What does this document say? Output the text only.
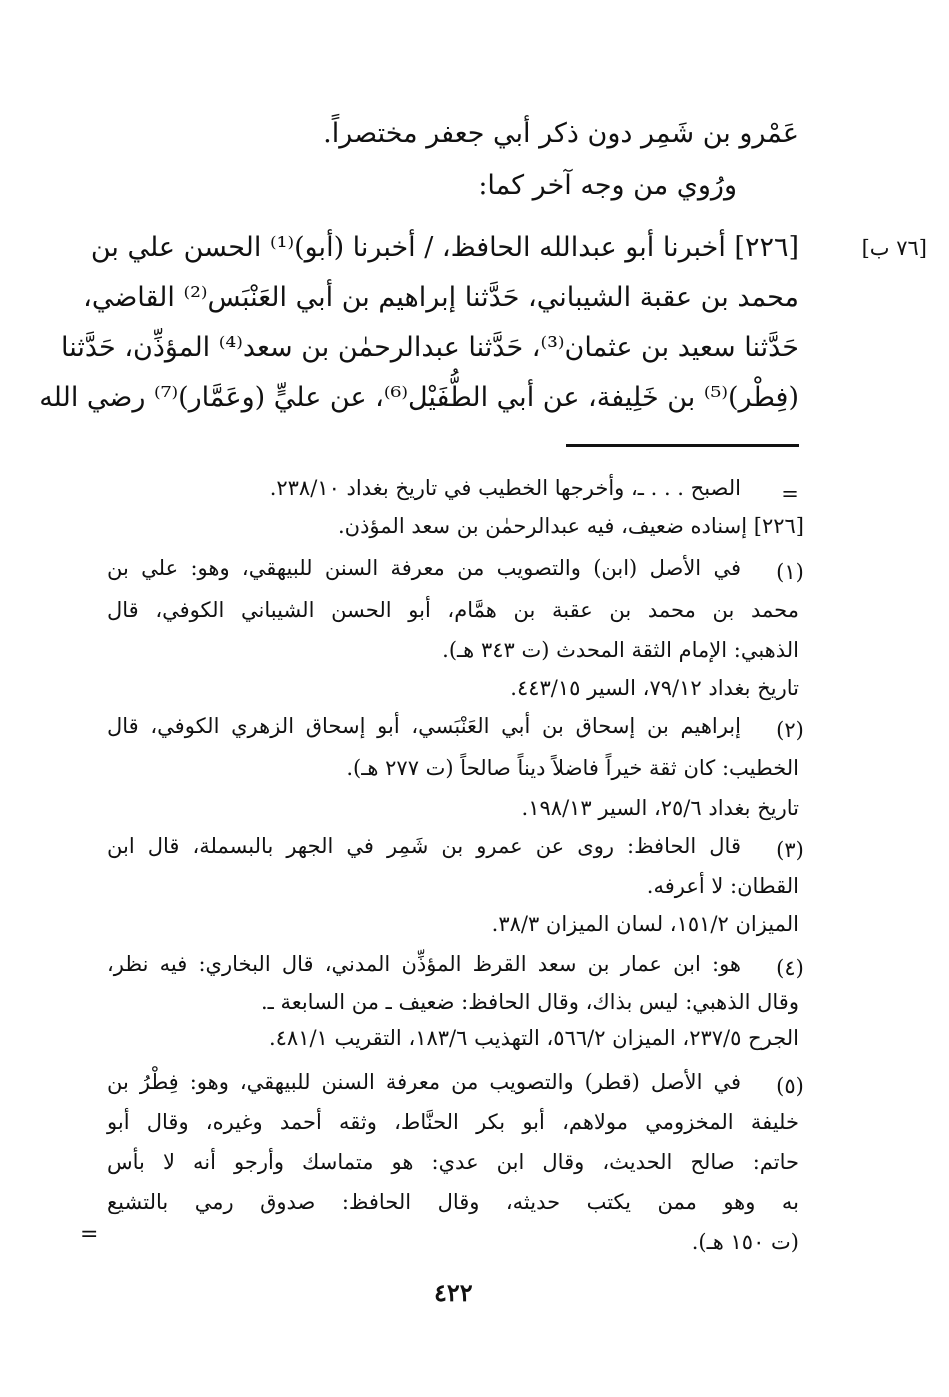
عَمْرو بن شَمِر دون ذكر أبي جعفر مختصراً.
ورُوي من وجه آخر كما:
[٧٦ ب]
[٢٢٦] أخبرنا أبو عبدالله الحافظ، / أخبرنا (أبو)⁽¹⁾ الحسن علي بن
محمد بن عقبة الشيباني، حَدَّثنا إبراهيم بن أبي العَنْبَس⁽²⁾ القاضي،
حَدَّثنا سعيد بن عثمان⁽³⁾، حَدَّثنا عبدالرحمٰن بن سعد⁽⁴⁾ المؤذِّن، حَدَّثنا
(فِطْر)⁽⁵⁾ بن خَلِيفة، عن أبي الطُّفَيْل⁽⁶⁾، عن عليٍّ (وعَمَّار)⁽⁷⁾ رضي الله
=
الصبح . . . ـ، وأخرجها الخطيب في تاريخ بغداد ٢٣٨/١٠.
[٢٢٦] إسناده ضعيف، فيه عبدالرحمٰن بن سعد المؤذن.
(١)
في الأصل (ابن) والتصويب من معرفة السنن للبيهقي، وهو: علي بن
محمد بن محمد بن عقبة بن همَّام، أبو الحسن الشيباني الكوفي، قال
الذهبي: الإمام الثقة المحدث (ت ٣٤٣ هـ).
تاريخ بغداد ٧٩/١٢، السير ٤٤٣/١٥.
(٢)
إبراهيم بن إسحاق بن أبي العَنْبَسي، أبو إسحاق الزهري الكوفي، قال
الخطيب: كان ثقة خيراً فاضلاً ديناً صالحاً (ت ٢٧٧ هـ).
تاريخ بغداد ٢٥/٦، السير ١٩٨/١٣.
(٣)
قال الحافظ: روى عن عمرو بن شَمِر في الجهر بالبسملة، قال ابن
القطان: لا أعرفه.
الميزان ١٥١/٢، لسان الميزان ٣٨/٣.
(٤)
هو: ابن عمار بن سعد القرظ المؤذِّن المدني، قال البخاري: فيه نظر،
وقال الذهبي: ليس بذاك، وقال الحافظ: ضعيف ـ من السابعة ـ.
الجرح ٢٣٧/٥، الميزان ٥٦٦/٢، التهذيب ١٨٣/٦، التقريب ٤٨١/١.
(٥)
في الأصل (قطر) والتصويب من معرفة السنن للبيهقي، وهو: فِطْرُ بن
خليفة المخزومي مولاهم، أبو بكر الحنَّاط، وثقه أحمد وغيره، وقال أبو
حاتم: صالح الحديث، وقال ابن عدي: هو متماسك وأرجو أنه لا بأس
به وهو ممن يكتب حديثه، وقال الحافظ: صدوق رمي بالتشيع
(ت ١٥٠ هـ).
=
٤٢٢
